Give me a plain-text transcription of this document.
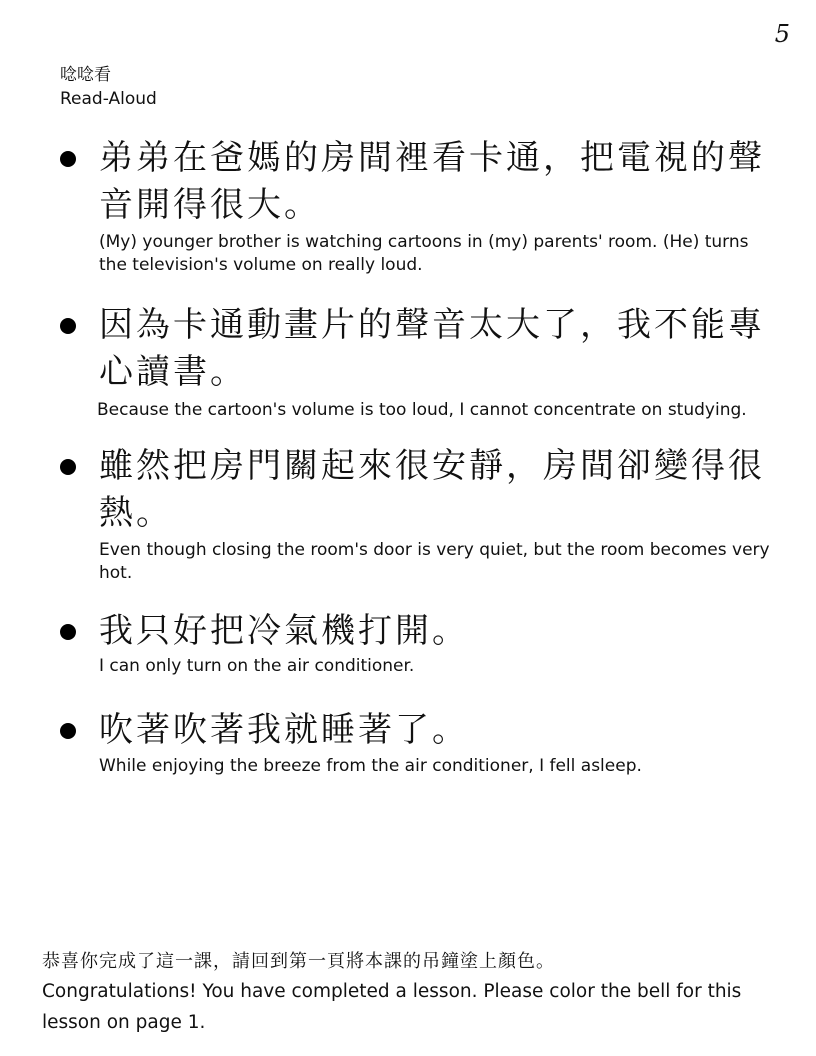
5
唸唸看
Read-Aloud
弟弟在爸媽的房間裡看卡通，把電視的聲音開得很大。
(My) younger brother is watching cartoons in (my) parents' room. (He) turns the television's volume on really loud.
因為卡通動畫片的聲音太大了，我不能專心讀書。
Because the cartoon's volume is too loud, I cannot concentrate on studying.
雖然把房門關起來很安靜，房間卻變得很熱。
Even though closing the room's door is very quiet, but the room becomes very hot.
我只好把冷氣機打開。
I can only turn on the air conditioner.
吹著吹著我就睡著了。
While enjoying the breeze from the air conditioner, I fell asleep.
恭喜你完成了這一課，請回到第一頁將本課的吊鐘塗上顏色。
Congratulations! You have completed a lesson. Please color the bell for this lesson on page 1.
